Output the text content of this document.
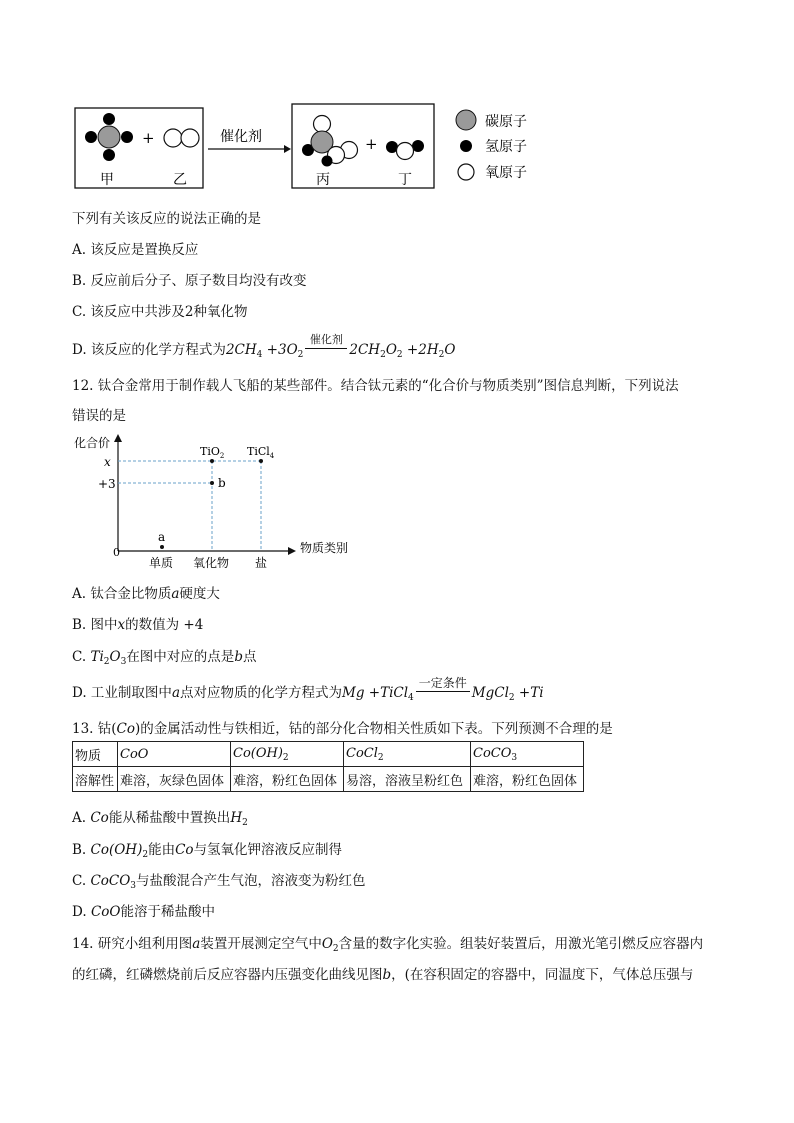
+
甲	乙
催化剂	+
丙	丁
碳原子
氢原子
氧原子
下列有关该反应的说法正确的是
A. 该反应是置换反应
B. 反应前后分子、原子数目均没有改变
C. 该反应中共涉及2种氧化物
D. 该反应的化学方程式为$2CH_4 +3O_2$
催化剂
$2CH_2O_2 +2H_2O$
12. 钛合金常用于制作载人飞船的某些部件。结合钛元素的“化合价与物质类别”图信息判断，下列说法
错误的是
化合价
物质类别
0
x
+3
a
b
TiO$_2$ TiCl$_4$
单质 氧化物 盐
A. 钛合金比物质a硬度大
B. 图中x的数值为 +4
C. $Ti_2O_3$在图中对应的点是b点
D. 工业制取图中a点对应物质的化学方程式为Mg +TiCl$_4$
一定条件
MgCl$_2$ +Ti
13. 钴(Co)的金属活动性与铁相近，钴的部分化合物相关性质如下表。下列预测不合理的是
物质	CoO	$Co(OH)_2$	CoCl$_2$	CoCO$_3$
溶解性	难溶，灰绿色固体	难溶，粉红色固体	易溶，溶液呈粉红色	难溶，粉红色固体
A. Co能从稀盐酸中置换出$H_2$
B. $Co(OH)_2$能由Co与氢氧化钾溶液反应制得
C. CoCO$_3$与盐酸混合产生气泡，溶液变为粉红色
D. CoO能溶于稀盐酸中
14. 研究小组利用图a装置开展测定空气中$O_2$含量的数字化实验。组装好装置后，用激光笔引燃反应容器内
的红磷，红磷燃烧前后反应容器内压强变化曲线见图b，(在容积固定的容器中，同温度下，气体总压强与
